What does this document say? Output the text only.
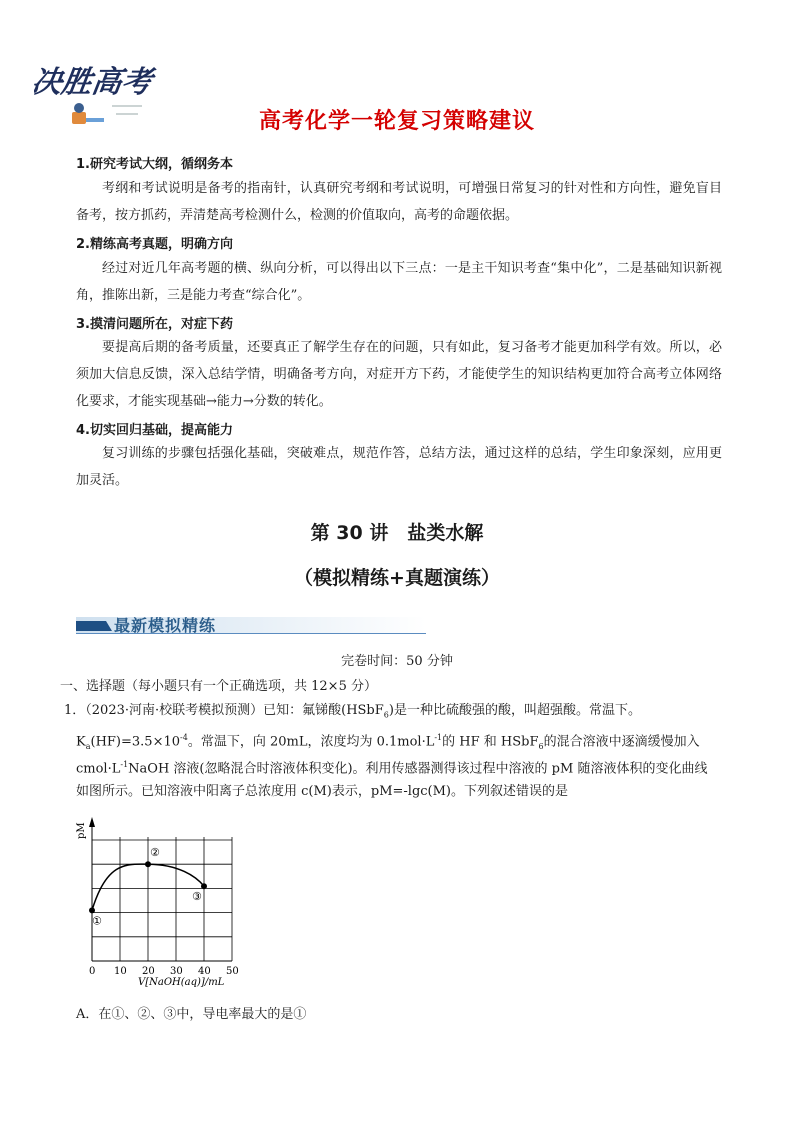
决胜高考
高考化学一轮复习策略建议
1.研究考试大纲，循纲务本
考纲和考试说明是备考的指南针，认真研究考纲和考试说明，可增强日常复习的针对性和方向性，避免盲目备考，按方抓药，弄清楚高考检测什么，检测的价值取向，高考的命题依据。
2.精练高考真题，明确方向
经过对近几年高考题的横、纵向分析，可以得出以下三点：一是主干知识考查“集中化”，二是基础知识新视角，推陈出新，三是能力考查“综合化”。
3.摸清问题所在，对症下药
要提高后期的备考质量，还要真正了解学生存在的问题，只有如此，复习备考才能更加科学有效。所以，必须加大信息反馈，深入总结学情，明确备考方向，对症开方下药，才能使学生的知识结构更加符合高考立体网络化要求，才能实现基础→能力→分数的转化。
4.切实回归基础，提高能力
复习训练的步骤包括强化基础，突破难点，规范作答，总结方法，通过这样的总结，学生印象深刻，应用更加灵活。
第 30 讲　盐类水解
（模拟精练+真题演练）
最新模拟精练
完卷时间：50 分钟
一、选择题（每小题只有一个正确选项，共 12×5 分）
1．（2023·河南·校联考模拟预测）已知：氟锑酸(HSbF$_6$)是一种比硫酸强的酸，叫超强酸。常温下。
$K_a(HF)=3.5\times 10^{-4}$。常温下，向 20mL，浓度均为 $0.1mol\cdot L^{-1}$的 HF 和 HSbF$_6$的混合溶液中逐滴缓慢加入
$cmol\cdot L^{-1}NaOH$ 溶液(忽略混合时溶液体积变化)。利用传感器测得该过程中溶液的 pM 随溶液体积的变化曲线
如图所示。已知溶液中阳离子总浓度用 c(M)表示，pM=-lgc(M)。下列叙述错误的是
pM
0 10 20 30 40 50
V[NaOH(aq)]/mL
①
②
③
A．在①、②、③中，导电率最大的是①
